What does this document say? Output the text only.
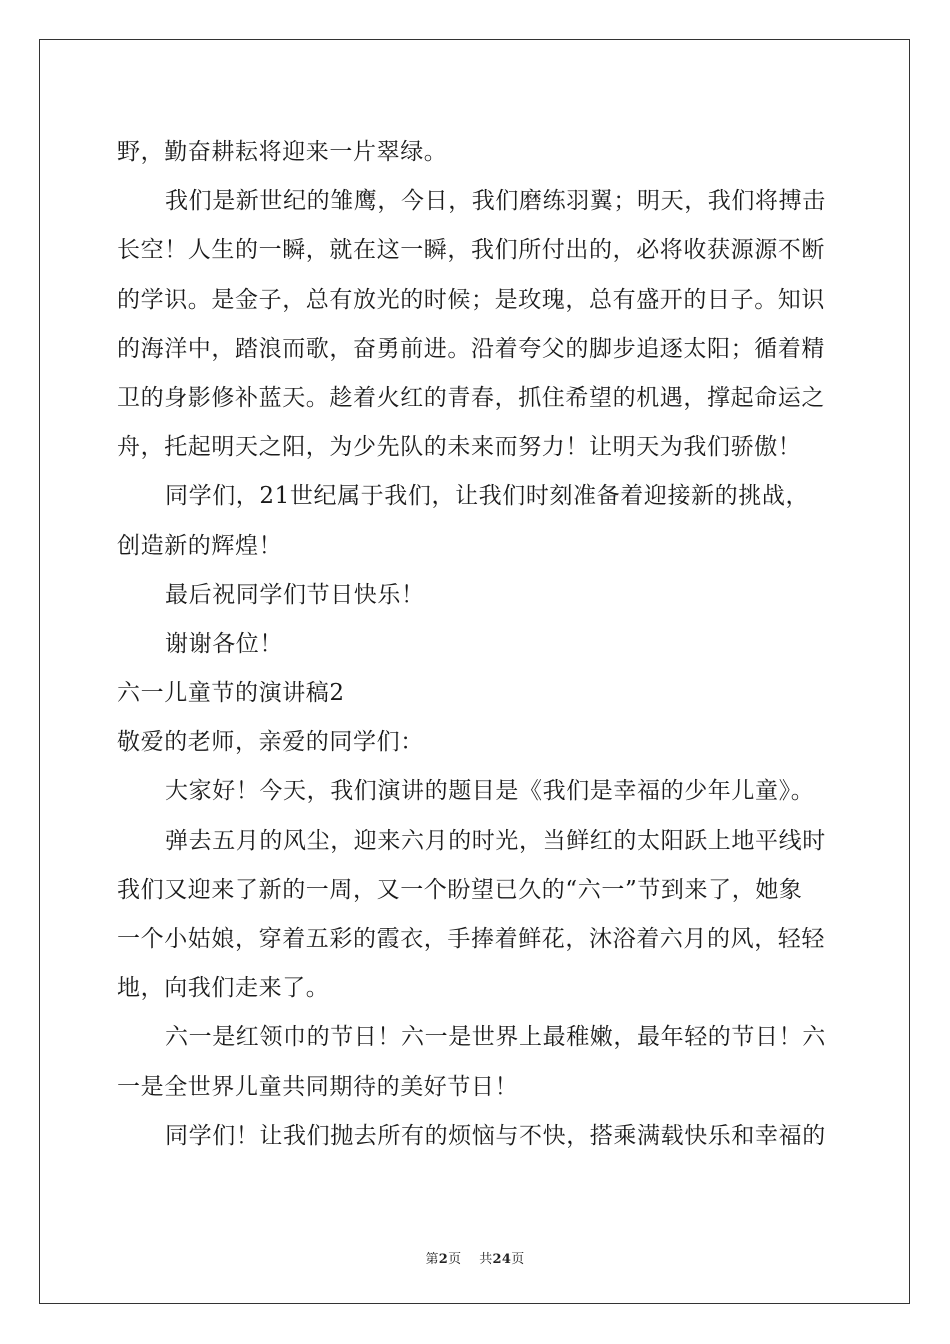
野，勤奋耕耘将迎来一片翠绿。
我们是新世纪的雏鹰，今日，我们磨练羽翼；明天，我们将搏击
长空！人生的一瞬，就在这一瞬，我们所付出的，必将收获源源不断
的学识。是金子，总有放光的时候；是玫瑰，总有盛开的日子。知识
的海洋中，踏浪而歌，奋勇前进。沿着夸父的脚步追逐太阳；循着精
卫的身影修补蓝天。趁着火红的青春，抓住希望的机遇，撑起命运之
舟，托起明天之阳，为少先队的未来而努力！让明天为我们骄傲！
同学们，21世纪属于我们，让我们时刻准备着迎接新的挑战，
创造新的辉煌！
最后祝同学们节日快乐！
谢谢各位！
六一儿童节的演讲稿2
敬爱的老师，亲爱的同学们：
大家好！今天，我们演讲的题目是《我们是幸福的少年儿童》。
弹去五月的风尘，迎来六月的时光，当鲜红的太阳跃上地平线时
我们又迎来了新的一周，又一个盼望已久的“六一”节到来了，她象
一个小姑娘，穿着五彩的霞衣，手捧着鲜花，沐浴着六月的风，轻轻
地，向我们走来了。
六一是红领巾的节日！六一是世界上最稚嫩，最年轻的节日！六
一是全世界儿童共同期待的美好节日！
同学们！让我们抛去所有的烦恼与不快，搭乘满载快乐和幸福的
第2页 共24页
